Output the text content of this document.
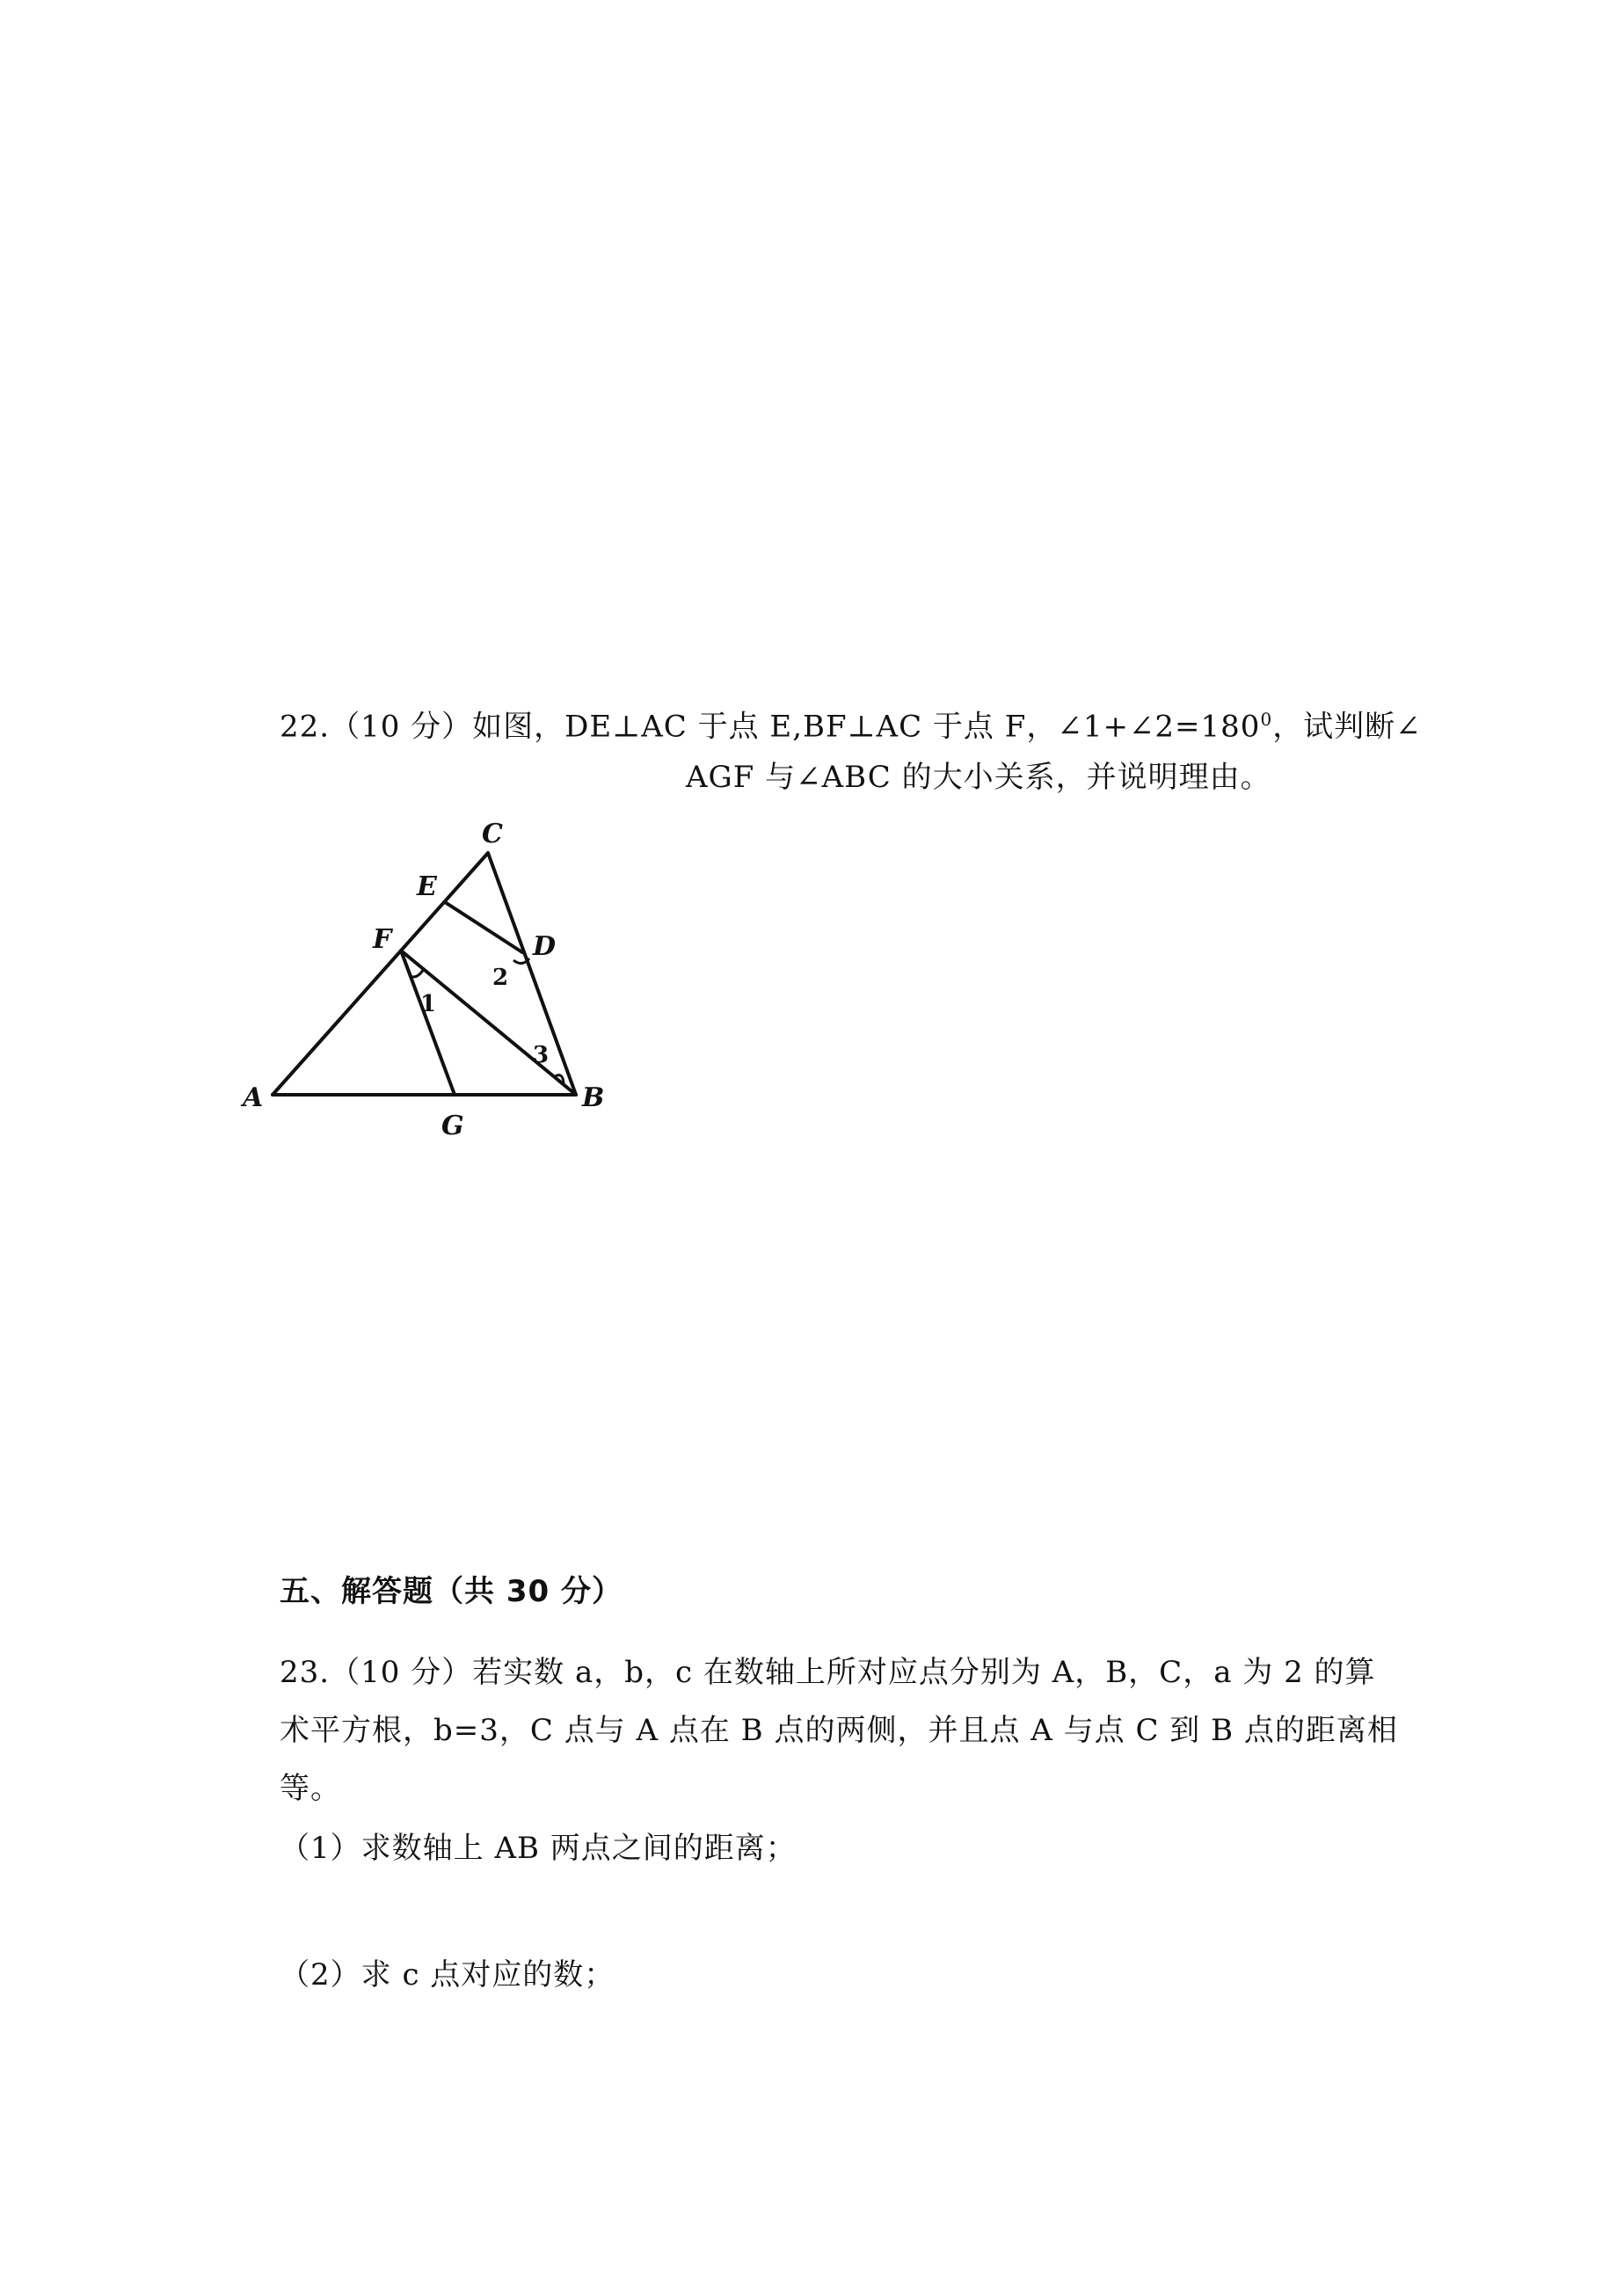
22.（10 分）如图，DE⊥AC 于点 E,BF⊥AC 于点 F，$\angle 1+\angle 2=180^0$，试判断∠
AGF 与∠ABC 的大小关系，并说明理由。
C
E
D
F
A	B
G
1
2
3
五、解答题（共 30 分）
23.（10 分）若实数 a，b，c 在数轴上所对应点分别为 A，B，C，a 为 2 的算
术平方根，b=3，C 点与 A 点在 B 点的两侧，并且点 A 与点 C 到 B 点的距离相
等。
（1）求数轴上 AB 两点之间的距离；
（2）求 c 点对应的数；
